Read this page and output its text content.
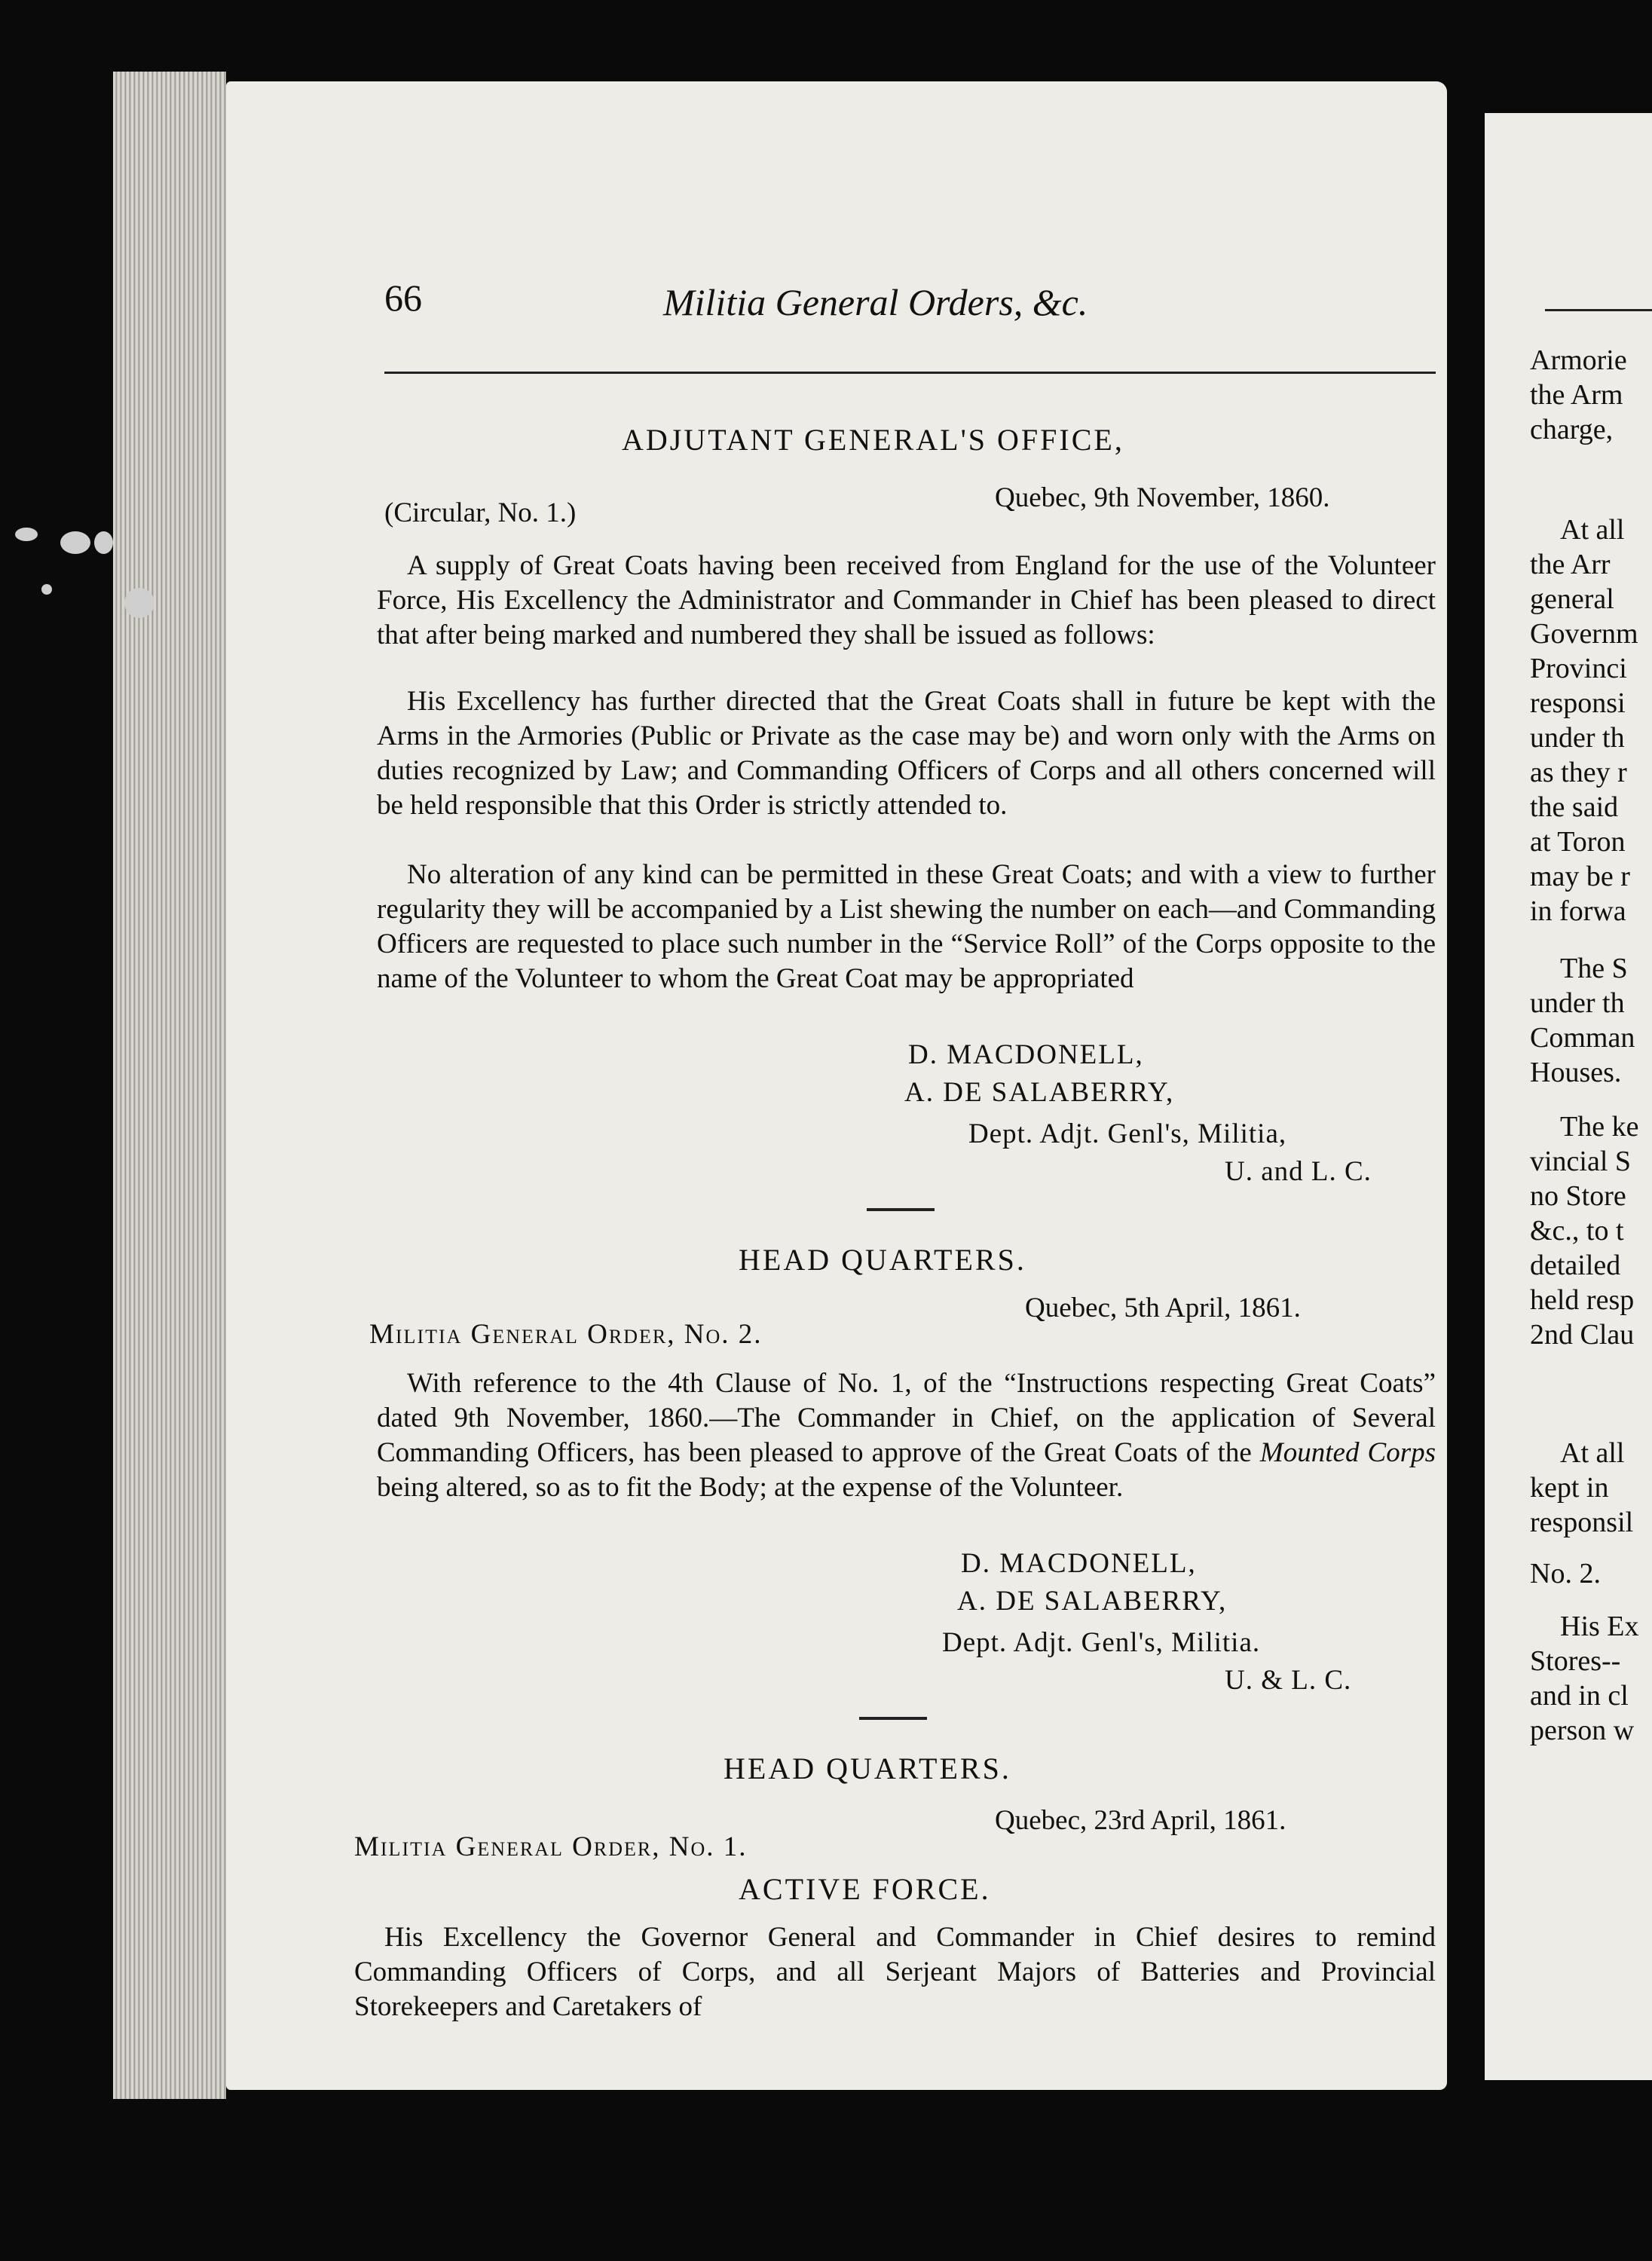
66	Militia General Orders, &c.
ADJUTANT GENERAL'S OFFICE,
(Circular, No. 1.)	Quebec, 9th November, 1860.
A supply of Great Coats having been received from England for the use of the Volunteer Force, His Excellency the Administrator and Commander in Chief has been pleased to direct that after being marked and numbered they shall be issued as follows:
His Excellency has further directed that the Great Coats shall in future be kept with the Arms in the Armories (Public or Private as the case may be) and worn only with the Arms on duties recognized by Law; and Commanding Officers of Corps and all others concerned will be held responsible that this Order is strictly attended to.
No alteration of any kind can be permitted in these Great Coats; and with a view to further regularity they will be accompanied by a List shewing the number on each—and Commanding Officers are requested to place such number in the “Service Roll” of the Corps opposite to the name of the Volunteer to whom the Great Coat may be appropriated
D. MACDONELL,
A. DE SALABERRY,
Dept. Adjt. Genl's, Militia,
U. and L. C.
HEAD QUARTERS.
Quebec, 5th April, 1861.
Militia General Order, No. 2.
With reference to the 4th Clause of No. 1, of the “Instructions respecting Great Coats” dated 9th November, 1860.—The Commander in Chief, on the application of Several Commanding Officers, has been pleased to approve of the Great Coats of the Mounted Corps being altered, so as to fit the Body; at the expense of the Volunteer.
D. MACDONELL,
A. DE SALABERRY,
Dept. Adjt. Genl's, Militia.
U. & L. C.
HEAD QUARTERS.
Quebec, 23rd April, 1861.
Militia General Order, No. 1.
ACTIVE FORCE.
His Excellency the Governor General and Commander in Chief desires to remind Commanding Officers of Corps, and all Serjeant Majors of Batteries and Provincial Storekeepers and Caretakers of
Armorie
the Arm
charge,
At all
the Arr
general
Governm
Provinci
responsi
under th
as they r
the said
at Toron
may be r
in forwa
The S
under th
Comman
Houses.
The ke
vincial S
no Store
&c., to t
detailed
held resp
2nd Clau
At all
kept in
responsil
No. 2.
His Ex
Stores--
and in cl
person w
